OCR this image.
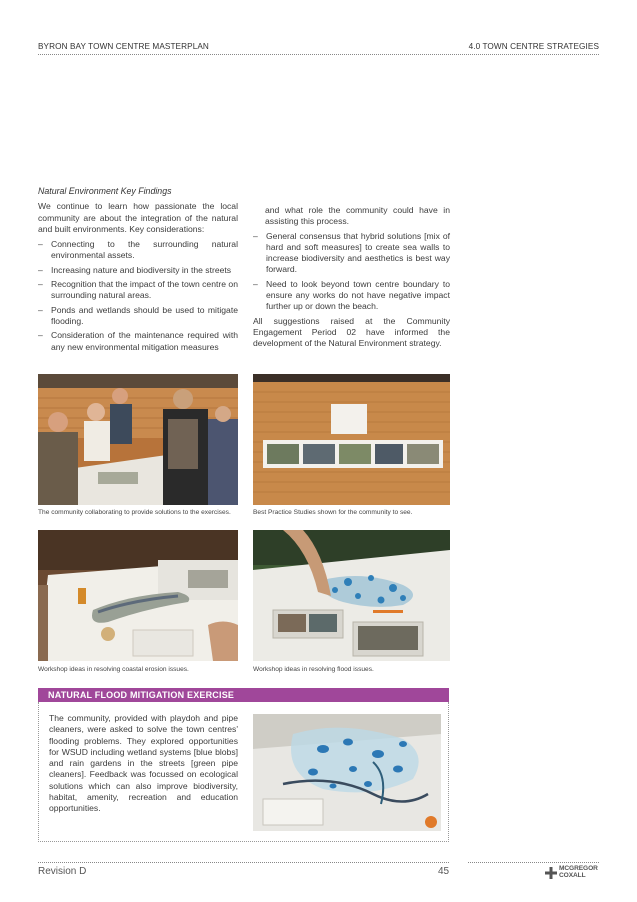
BYRON BAY TOWN CENTRE MASTERPLAN	4.0 TOWN CENTRE STRATEGIES
Natural Environment Key Findings
We continue to learn how passionate the local community are about the integration of the natural and built environments. Key considerations:
– Connecting to the surrounding natural environmental assets.
– Increasing nature and biodiversity in the streets
– Recognition that the impact of the town centre on surrounding natural areas.
– Ponds and wetlands should be used to mitigate flooding.
– Consideration of the maintenance required with any new environmental mitigation measures
and what role the community could have in assisting this process.
– General consensus that hybrid solutions [mix of hard and soft measures] to create sea walls to increase biodiversity and aesthetics is best way forward.
– Need to look beyond town centre boundary to ensure any works do not have negative impact further up or down the beach.
All suggestions raised at the Community Engagement Period 02 have informed the development of the Natural Environment strategy.
The community collaborating to provide solutions to the exercises.	Best Practice Studies shown for the community to see.
Workshop ideas in resolving coastal erosion issues.	Workshop ideas in resolving flood issues.
NATURAL FLOOD MITIGATION EXERCISE
The community, provided with playdoh and pipe cleaners, were asked to solve the town centres' flooding problems. They explored opportunities for WSUD including wetland systems [blue blobs] and rain gardens in the streets [green pipe cleaners]. Feedback was focussed on ecological solutions which can also improve biodiversity, habitat, amenity, recreation and education opportunities.
Revision D	45	MCGREGOR
COXALL
